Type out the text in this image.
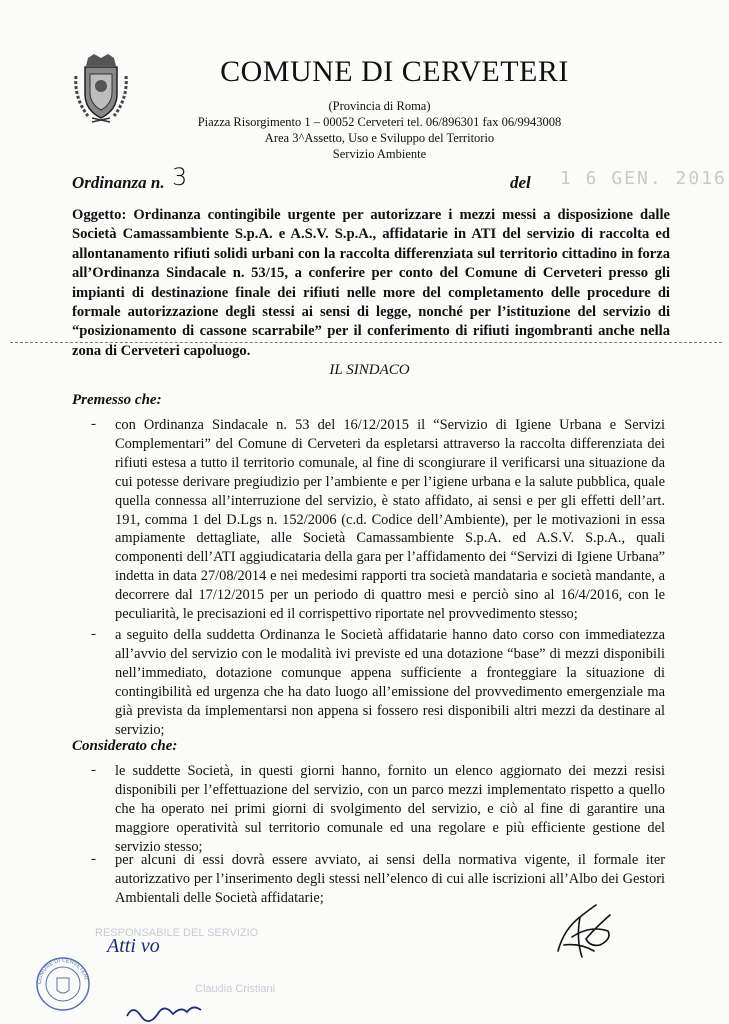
COMUNE DI CERVETERI
(Provincia di Roma)
Piazza Risorgimento 1 – 00052 Cerveteri tel. 06/896301 fax 06/9943008
Area 3^Assetto, Uso e Sviluppo del Territorio
Servizio Ambiente
Ordinanza n. 3	del 1 6 GEN. 2016
Oggetto: Ordinanza contingibile urgente per autorizzare i mezzi messi a disposizione dalle Società Camassambiente S.p.A. e A.S.V. S.p.A., affidatarie in ATI del servizio di raccolta ed allontanamento rifiuti solidi urbani con la raccolta differenziata sul territorio cittadino in forza all’Ordinanza Sindacale n. 53/15, a conferire per conto del Comune di Cerveteri presso gli impianti di destinazione finale dei rifiuti nelle more del completamento delle procedure di formale autorizzazione degli stessi ai sensi di legge, nonché per l’istituzione del servizio di “posizionamento di cassone scarrabile” per il conferimento di rifiuti ingombranti anche nella zona di Cerveteri capoluogo.
IL SINDACO
Premesso che:
- con Ordinanza Sindacale n. 53 del 16/12/2015 il “Servizio di Igiene Urbana e Servizi Complementari” del Comune di Cerveteri da espletarsi attraverso la raccolta differenziata dei rifiuti estesa a tutto il territorio comunale, al fine di scongiurare il verificarsi una situazione da cui potesse derivare pregiudizio per l’ambiente e per l’igiene urbana e la salute pubblica, quale quella connessa all’interruzione del servizio, è stato affidato, ai sensi e per gli effetti dell’art. 191, comma 1 del D.Lgs n. 152/2006 (c.d. Codice dell’Ambiente), per le motivazioni in essa ampiamente dettagliate, alle Società Camassambiente S.p.A. ed A.S.V. S.p.A., quali componenti dell’ATI aggiudicataria della gara per l’affidamento dei “Servizi di Igiene Urbana” indetta in data 27/08/2014 e nei medesimi rapporti tra società mandataria e società mandante, a decorrere dal 17/12/2015 per un periodo di quattro mesi e perciò sino al 16/4/2016, con le peculiarità, le precisazioni ed il corrispettivo riportate nel provvedimento stesso;
- a seguito della suddetta Ordinanza le Società affidatarie hanno dato corso con immediatezza all’avvio del servizio con le modalità ivi previste ed una dotazione “base” di mezzi disponibili nell’immediato, dotazione comunque appena sufficiente a fronteggiare la situazione di contingibilità ed urgenza che ha dato luogo all’emissione del provvedimento emergenziale ma già prevista da implementarsi non appena si fossero resi disponibili altri mezzi da destinare al servizio;
Considerato che:
- le suddette Società, in questi giorni hanno, fornito un elenco aggiornato dei mezzi resisi disponibili per l’effettuazione del servizio, con un parco mezzi implementato rispetto a quello che ha operato nei primi giorni di svolgimento del servizio, e ciò al fine di garantire una maggiore operatività sul territorio comunale ed una regolare e più efficiente gestione del servizio stesso;
- per alcuni di essi dovrà essere avviato, ai sensi della normativa vigente, il formale iter autorizzativo per l’inserimento degli stessi nell’elenco di cui alle iscrizioni all’Albo dei Gestori Ambientali delle Società affidatarie;
RESPONSABILE DEL SERVIZIO
Claudia Cristiani
COMUNE DI CERVETERI
Atti vo
